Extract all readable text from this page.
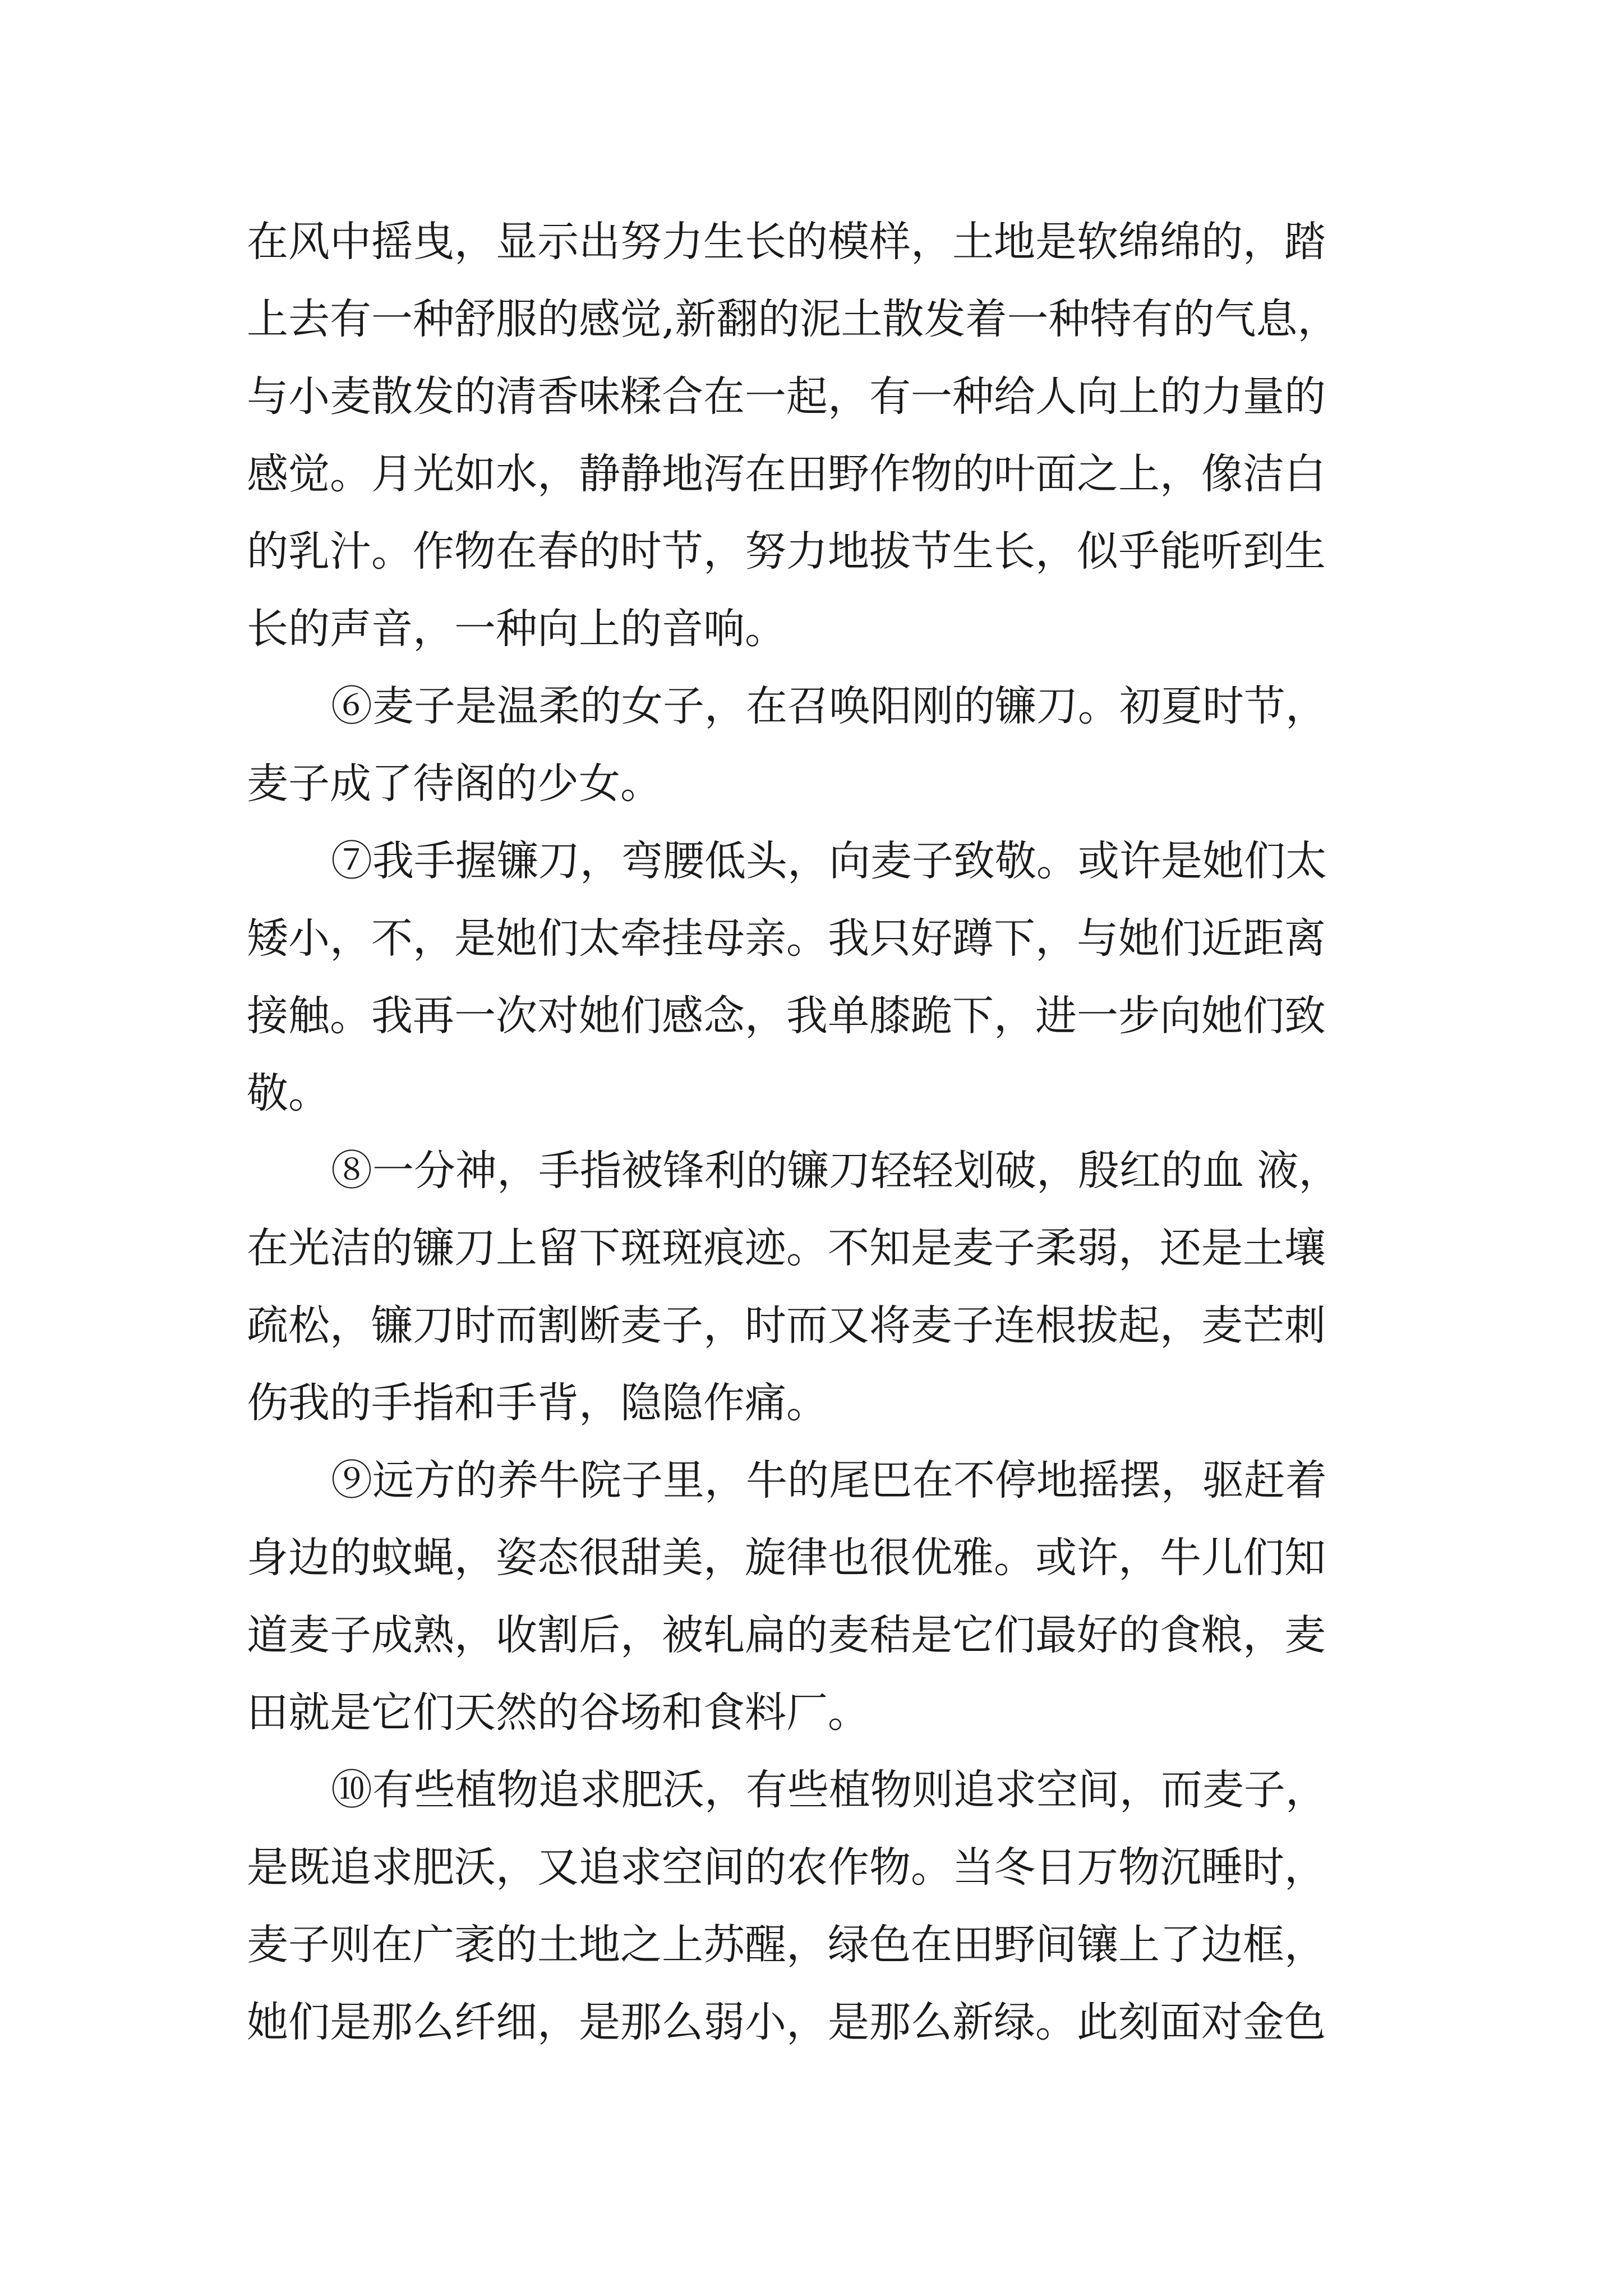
在风中摇曳，显示出努力生长的模样，土地是软绵绵的，踏
上去有一种舒服的感觉,新翻的泥土散发着一种特有的气息，
与小麦散发的清香味糅合在一起，有一种给人向上的力量的
感觉。月光如水，静静地泻在田野作物的叶面之上，像洁白
的乳汁。作物在春的时节，努力地拔节生长，似乎能听到生
长的声音，一种向上的音响。
⑥麦子是温柔的女子，在召唤阳刚的镰刀。初夏时节，
麦子成了待阁的少女。
⑦我手握镰刀，弯腰低头，向麦子致敬。或许是她们太
矮小，不，是她们太牵挂母亲。我只好蹲下，与她们近距离
接触。我再一次对她们感念，我单膝跪下，进一步向她们致
敬。
⑧一分神，手指被锋利的镰刀轻轻划破，殷红的血 液，
在光洁的镰刀上留下斑斑痕迹。不知是麦子柔弱，还是土壤
疏松，镰刀时而割断麦子，时而又将麦子连根拔起，麦芒刺
伤我的手指和手背，隐隐作痛。
⑨远方的养牛院子里，牛的尾巴在不停地摇摆，驱赶着
身边的蚊蝇，姿态很甜美，旋律也很优雅。或许，牛儿们知
道麦子成熟，收割后，被轧扁的麦秸是它们最好的食粮，麦
田就是它们天然的谷场和食料厂。
⑩有些植物追求肥沃，有些植物则追求空间，而麦子，
是既追求肥沃，又追求空间的农作物。当冬日万物沉睡时，
麦子则在广袤的土地之上苏醒，绿色在田野间镶上了边框，
她们是那么纤细，是那么弱小，是那么新绿。此刻面对金色
